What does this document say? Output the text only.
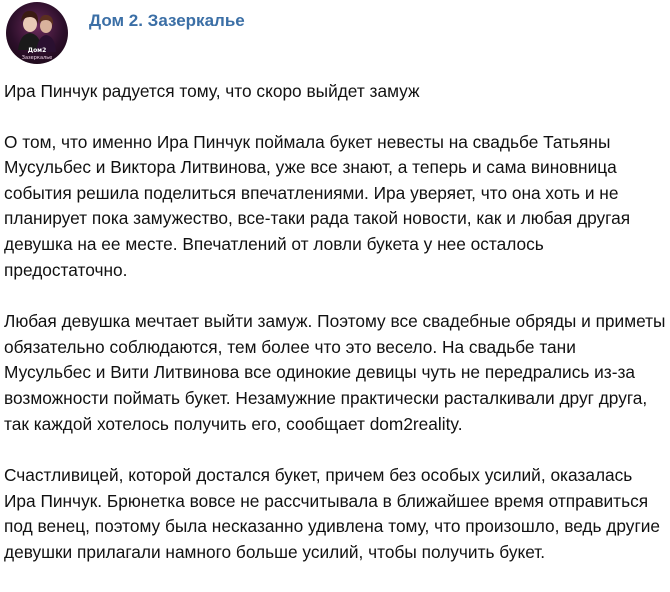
Дом2
Зазеркалье
Дом 2. Зазеркалье

Ира Пинчук радуется тому, что скоро выйдет замуж

О том, что именно Ира Пинчук поймала букет невесты на свадьбе Татьяны Мусульбес и Виктора Литвинова, уже все знают, а теперь и сама виновница события решила поделиться впечатлениями. Ира уверяет, что она хоть и не планирует пока замужество, все-таки рада такой новости, как и любая другая девушка на ее месте. Впечатлений от ловли букета у нее осталось предостаточно.

Любая девушка мечтает выйти замуж. Поэтому все свадебные обряды и приметы обязательно соблюдаются, тем более что это весело. На свадьбе тани Мусульбес и Вити Литвинова все одинокие девицы чуть не передрались из-за возможности поймать букет. Незамужние практически расталкивали друг друга, так каждой хотелось получить его, сообщает dom2reality.

Счастливицей, которой достался букет, причем без особых усилий, оказалась Ира Пинчук. Брюнетка вовсе не рассчитывала в ближайшее время отправиться под венец, поэтому была несказанно удивлена тому, что произошло, ведь другие девушки прилагали намного больше усилий, чтобы получить букет.
